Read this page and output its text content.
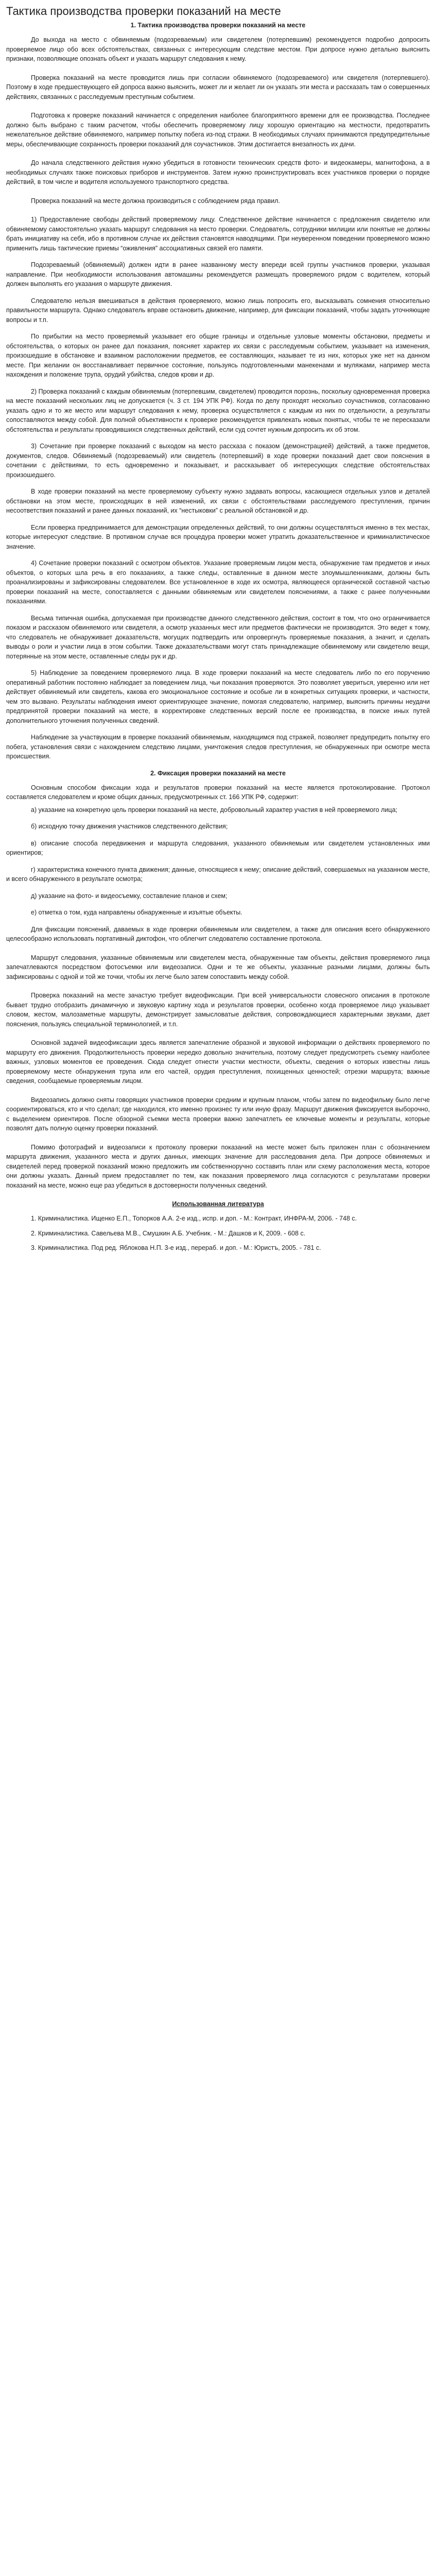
Тактика производства проверки показаний на месте
1. Тактика производства проверки показаний на месте

До выхода на место с обвиняемым (подозреваемым) или свидетелем (потерпевшим) рекомендуется подробно допросить проверяемое лицо обо всех обстоятельствах, связанных с интересующим следствие местом. При допросе нужно детально выяснить признаки, позволяющие опознать объект и указать маршрут следования к нему.

Проверка показаний на месте проводится лишь при согласии обвиняемого (подозреваемого) или свидетеля (потерпевшего). Поэтому в ходе предшествующего ей допроса важно выяснить, может ли и желает ли он указать эти места и рассказать там о совершенных действиях, связанных с расследуемым преступным событием.

Подготовка к проверке показаний начинается с определения наиболее благоприятного времени для ее производства. Последнее должно быть выбрано с таким расчетом, чтобы обеспечить проверяемому лицу хорошую ориентацию на местности, предотвратить нежелательное действие обвиняемого, например попытку побега из-под стражи. В необходимых случаях принимаются предупредительные меры, обеспечивающие сохранность проверки показаний для соучастников. Этим достигается внезапность их дачи.

До начала следственного действия нужно убедиться в готовности технических средств фото- и видеокамеры, магнитофона, а в необходимых случаях также поисковых приборов и инструментов. Затем нужно проинструктировать всех участников проверки о порядке действий, в том числе и водителя используемого транспортного средства.

Проверка показаний на месте должна производиться с соблюдением ряда правил.

1) Предоставление свободы действий проверяемому лицу. Следственное действие начинается с предложения свидетелю или обвиняемому самостоятельно указать маршрут следования на место проверки. Следователь, сотрудники милиции или понятые не должны брать инициативу на себя, ибо в противном случае их действия становятся наводящими. При неуверенном поведении проверяемого можно применить лишь тактические приемы “оживления” ассоциативных связей его памяти.

Подозреваемый (обвиняемый) должен идти в ранее названному месту впереди всей группы участников проверки, указывая направление. При необходимости использования автомашины рекомендуется размещать проверяемого рядом с водителем, который должен выполнять его указания о маршруте движения.

Следователю нельзя вмешиваться в действия проверяемого, можно лишь попросить его, высказывать сомнения относительно правильности маршрута. Однако следователь вправе остановить движение, например, для фиксации показаний, чтобы задать уточняющие вопросы и т.п.

По прибытии на место проверяемый указывает его общие границы и отдельные узловые моменты обстановки, предметы и обстоятельства, о которых он ранее дал показания, поясняет характер их связи с расследуемым событием, указывает на изменения, произошедшие в обстановке и взаимном расположении предметов, ее составляющих, называет те из них, которых уже нет на данном месте. При желании он восстанавливает первичное состояние, пользуясь подготовленными манекенами и муляжами, например места нахождения и положение трупа, орудий убийства, следов крови и др.

2) Проверка показаний с каждым обвиняемым (потерпевшим, свидетелем) проводится порознь, поскольку одновременная проверка на месте показаний нескольких лиц не допускается (ч. 3 ст. 194 УПК РФ). Когда по делу проходят несколько соучастников, согласованно указать одно и то же место или маршрут следования к нему, проверка осуществляется с каждым из них по отдельности, а результаты сопоставляются между собой. Для полной объективности к проверке рекомендуется привлекать новых понятых, чтобы те не пересказали обстоятельства и результаты проводившихся следственных действий, если суд сочтет нужным допросить их об этом.

3) Сочетание при проверке показаний с выходом на место рассказа с показом (демонстрацией) действий, а также предметов, документов, следов. Обвиняемый (подозреваемый) или свидетель (потерпевший) в ходе проверки показаний дает свои пояснения в сочетании с действиями, то есть одновременно и показывает, и рассказывает об интересующих следствие обстоятельствах произошедшего.

В ходе проверки показаний на месте проверяемому субъекту нужно задавать вопросы, касающиеся отдельных узлов и деталей обстановки на этом месте, происходящих в ней изменений, их связи с обстоятельствами расследуемого преступления, причин несоответствия показаний и ранее данных показаний, их “нестыковки” с реальной обстановкой и др.

Если проверка предпринимается для демонстрации определенных действий, то они должны осуществляться именно в тех местах, которые интересуют следствие. В противном случае вся процедура проверки может утратить доказательственное и криминалистическое значение.

4) Сочетание проверки показаний с осмотром объектов. Указание проверяемым лицом места, обнаружение там предметов и иных объектов, о которых шла речь в его показаниях, а также следы, оставленные в данном месте злоумышленниками, должны быть проанализированы и зафиксированы следователем. Все установленное в ходе их осмотра, являющееся органической составной частью проверки показаний на месте, сопоставляется с данными обвиняемым или свидетелем пояснениями, а также с ранее полученными показаниями.

Весьма типичная ошибка, допускаемая при производстве данного следственного действия, состоит в том, что оно ограничивается показом и рассказом обвиняемого или свидетеля, а осмотр указанных мест или предметов фактически не производится. Это ведет к тому, что следователь не обнаруживает доказательств, могущих подтвердить или опровергнуть проверяемые показания, а значит, и сделать выводы о роли и участии лица в этом событии. Также доказательствами могут стать принадлежащие обвиняемому или свидетелю вещи, потерянные на этом месте, оставленные следы рук и др.

5) Наблюдение за поведением проверяемого лица. В ходе проверки показаний на месте следователь либо по его поручению оперативный работник постоянно наблюдает за поведением лица, чьи показания проверяются. Это позволяет увериться, уверенно или нет действует обвиняемый или свидетель, какова его эмоциональное состояние и особые ли в конкретных ситуациях проверки, и частности, чем это вызвано. Результаты наблюдения имеют ориентирующее значение, помогая следователю, например, выяснить причины неудачи предпринятой проверки показаний на месте, в корректировке следственных версий после ее производства, в поиске иных путей дополнительного уточнения полученных сведений.

Наблюдение за участвующим в проверке показаний обвиняемым, находящимся под стражей, позволяет предупредить попытку его побега, установления связи с нахождением следствию лицами, уничтожения следов преступления, не обнаруженных при осмотре места происшествия.

2. Фиксация проверки показаний на месте

Основным способом фиксации хода и результатов проверки показаний на месте является протоколирование. Протокол составляется следователем и кроме общих данных, предусмотренных ст. 166 УПК РФ, содержит:

а) указание на конкретную цель проверки показаний на месте, добровольный характер участия в ней проверяемого лица;

б) исходную точку движения участников следственного действия;

в) описание способа передвижения и маршрута следования, указанного обвиняемым или свидетелем установленных ими ориентиров;

г) характеристика конечного пункта движения; данные, относящиеся к нему; описание действий, совершаемых на указанном месте, и всего обнаруженного в результате осмотра;

д) указание на фото- и видеосъемку, составление планов и схем;

е) отметка о том, куда направлены обнаруженные и изъятые объекты.

Для фиксации пояснений, даваемых в ходе проверки обвиняемым или свидетелем, а также для описания всего обнаруженного целесообразно использовать портативный диктофон, что облегчит следователю составление протокола.

Маршрут следования, указанные обвиняемым или свидетелем места, обнаруженные там объекты, действия проверяемого лица запечатлеваются посредством фотосъемки или видеозаписи. Одни и те же объекты, указанные разными лицами, должны быть зафиксированы с одной и той же точки, чтобы их легче было затем сопоставить между собой.

Проверка показаний на месте зачастую требует видеофиксации. При всей универсальности словесного описания в протоколе бывает трудно отобразить динамичную и звуковую картину хода и результатов проверки, особенно когда проверяемое лицо указывает словом, жестом, малозаметные маршруты, демонстрирует замысловатые действия, сопровождающиеся характерными звуками, дает пояснения, пользуясь специальной терминологией, и т.п.

Основной задачей видеофиксации здесь является запечатление образной и звуковой информации о действиях проверяемого по маршруту его движения. Продолжительность проверки нередко довольно значительна, поэтому следует предусмотреть съемку наиболее важных, узловых моментов ее проведения. Сюда следует отнести участки местности, объекты, сведения о которых известны лишь проверяемому месте обнаружения трупа или его частей, орудия преступления, похищенных ценностей; отрезки маршрута; важные сведения, сообщаемые проверяемым лицом.

Видеозапись должно сняты говорящих участников проверки средним и крупным планом, чтобы затем по видеофильму было легче соориентироваться, кто и что сделал; где находился, кто именно произнес ту или иную фразу. Маршрут движения фиксируется выборочно, с выделением ориентиров. После обзорной съемки места проверки важно запечатлеть ее ключевые моменты и результаты, которые позволят дать полную оценку проверки показаний.

Помимо фотографий и видеозаписи к протоколу проверки показаний на месте может быть приложен план с обозначением маршрута движения, указанного места и других данных, имеющих значение для расследования дела. При допросе обвиняемых и свидетелей перед проверкой показаний можно предложить им собственноручно составить план или схему расположения места, которое они должны указать. Данный прием предоставляет по тем, как показания проверяемого лица согласуются с результатами проверки показаний на месте, можно еще раз убедиться в достоверности полученных сведений.

Использованная литература

1. Криминалистика. Ищенко Е.П., Топорков А.А. 2-е изд., испр. и доп. - М.: Контракт, ИНФРА-М, 2006. - 748 с.

2. Криминалистика. Савельева М.В., Смушкин А.Б. Учебник. - М.: Дашков и К, 2009. - 608 с.

3. Криминалистика. Под ред. Яблокова Н.П. 3-е изд., перераб. и доп. - М.: Юристъ, 2005. - 781 с.
